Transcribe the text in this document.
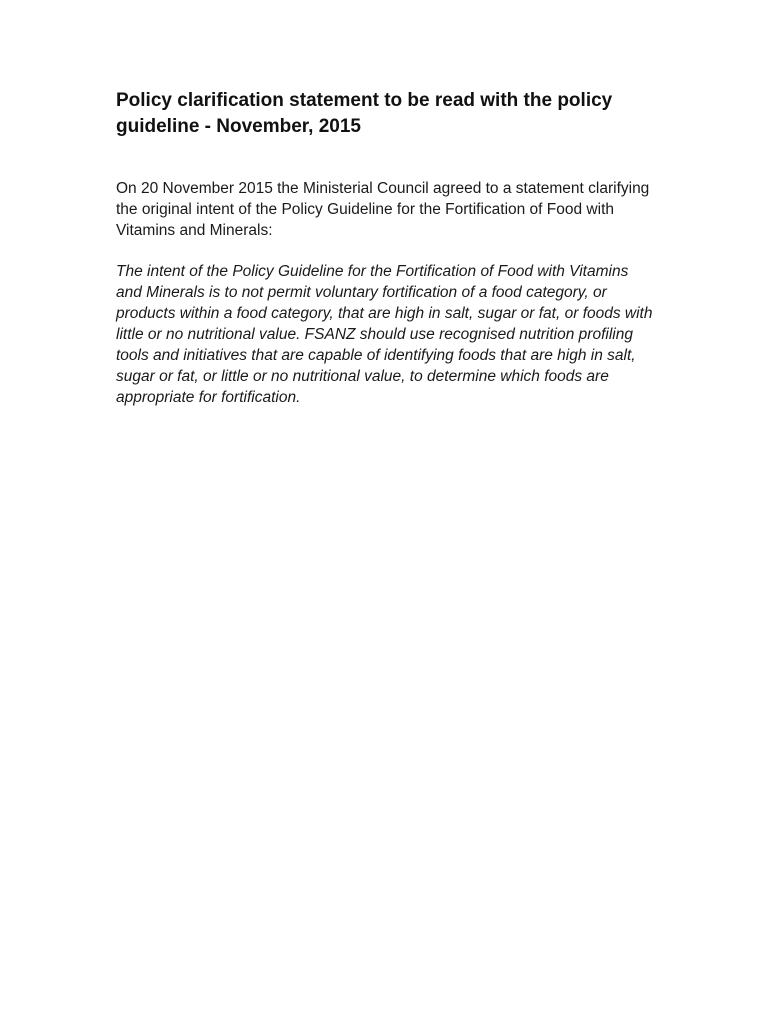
Policy clarification statement to be read with the policy guideline - November, 2015

On 20 November 2015 the Ministerial Council agreed to a statement clarifying the original intent of the Policy Guideline for the Fortification of Food with Vitamins and Minerals:

The intent of the Policy Guideline for the Fortification of Food with Vitamins and Minerals is to not permit voluntary fortification of a food category, or products within a food category, that are high in salt, sugar or fat, or foods with little or no nutritional value. FSANZ should use recognised nutrition profiling tools and initiatives that are capable of identifying foods that are high in salt, sugar or fat, or little or no nutritional value, to determine which foods are appropriate for fortification.
